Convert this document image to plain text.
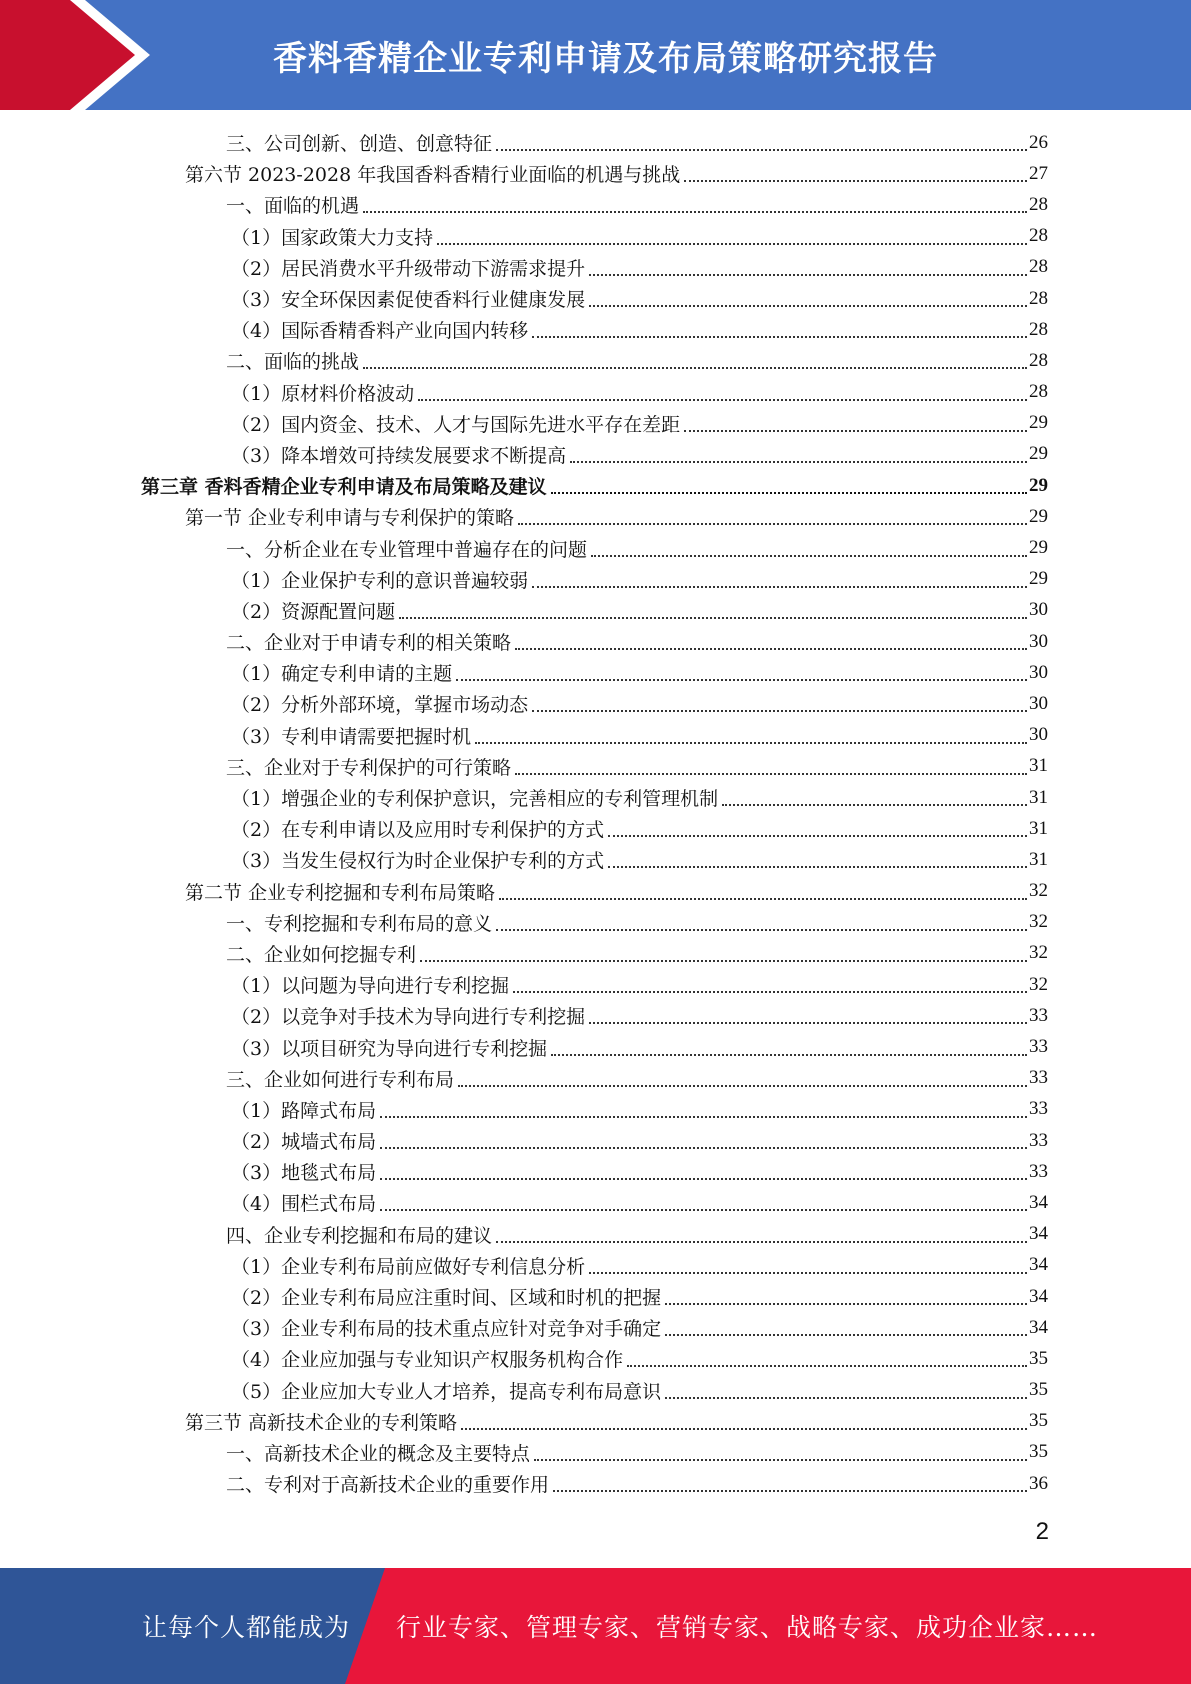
香料香精企业专利申请及布局策略研究报告
三、公司创新、创造、创意特征	26
第六节 2023-2028 年我国香料香精行业面临的机遇与挑战	27
一、面临的机遇	28
（1）国家政策大力支持	28
（2）居民消费水平升级带动下游需求提升	28
（3）安全环保因素促使香料行业健康发展	28
（4）国际香精香料产业向国内转移	28
二、面临的挑战	28
（1）原材料价格波动	28
（2）国内资金、技术、人才与国际先进水平存在差距	29
（3）降本增效可持续发展要求不断提高	29
第三章 香料香精企业专利申请及布局策略及建议	29
第一节 企业专利申请与专利保护的策略	29
一、分析企业在专业管理中普遍存在的问题	29
（1）企业保护专利的意识普遍较弱	29
（2）资源配置问题	30
二、企业对于申请专利的相关策略	30
（1）确定专利申请的主题	30
（2）分析外部环境，掌握市场动态	30
（3）专利申请需要把握时机	30
三、企业对于专利保护的可行策略	31
（1）增强企业的专利保护意识，完善相应的专利管理机制	31
（2）在专利申请以及应用时专利保护的方式	31
（3）当发生侵权行为时企业保护专利的方式	31
第二节 企业专利挖掘和专利布局策略	32
一、专利挖掘和专利布局的意义	32
二、企业如何挖掘专利	32
（1）以问题为导向进行专利挖掘	32
（2）以竞争对手技术为导向进行专利挖掘	33
（3）以项目研究为导向进行专利挖掘	33
三、企业如何进行专利布局	33
（1）路障式布局	33
（2）城墙式布局	33
（3）地毯式布局	33
（4）围栏式布局	34
四、企业专利挖掘和布局的建议	34
（1）企业专利布局前应做好专利信息分析	34
（2）企业专利布局应注重时间、区域和时机的把握	34
（3）企业专利布局的技术重点应针对竞争对手确定	34
（4）企业应加强与专业知识产权服务机构合作	35
（5）企业应加大专业人才培养，提高专利布局意识	35
第三节 高新技术企业的专利策略	35
一、高新技术企业的概念及主要特点	35
二、专利对于高新技术企业的重要作用	36
2
让每个人都能成为 行业专家、管理专家、营销专家、战略专家、成功企业家……
